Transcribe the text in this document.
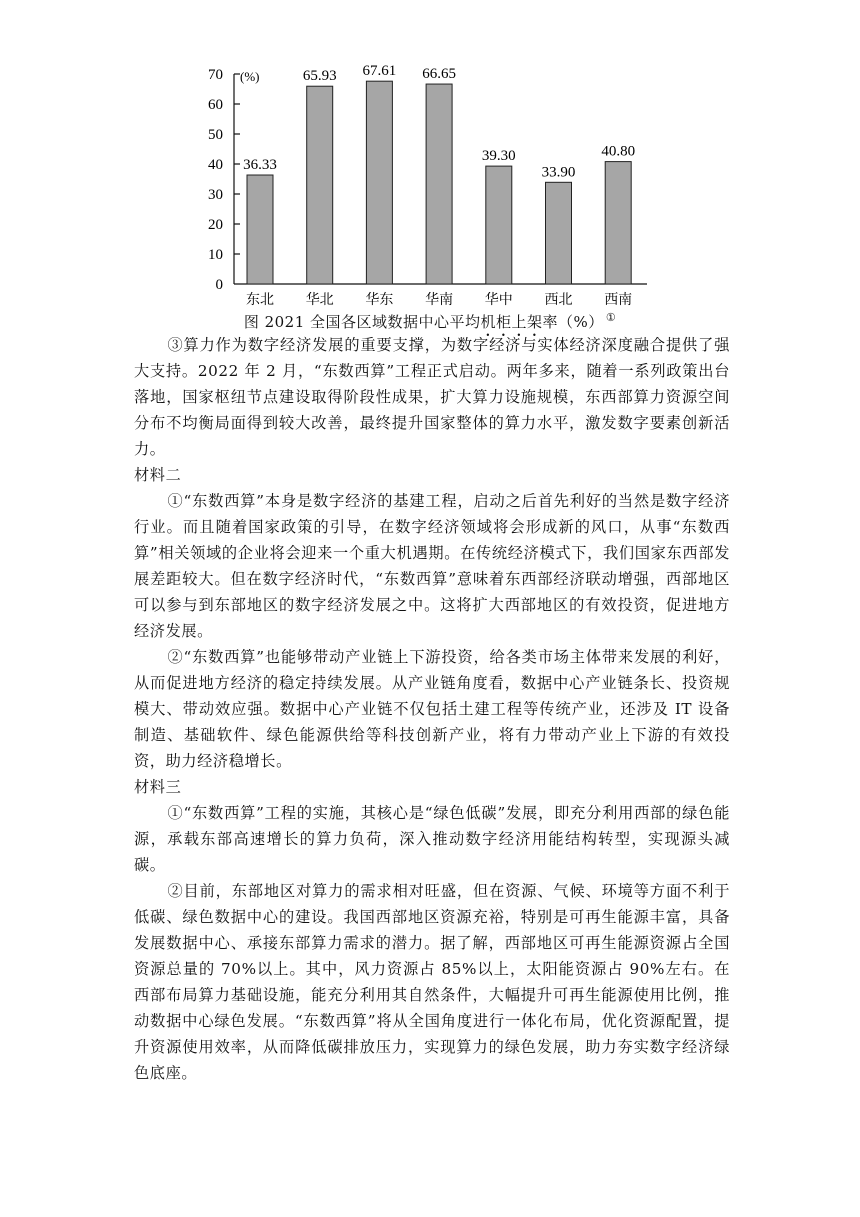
(%)
0
10
20
30
40
50
60
70
36.33
65.93 67.61 66.65
39.30
33.90
40.80
东北 华北 华东 华南 华中 西北 西南
图 2021 全国各区域数据中心平均机柜上架率（%） ①

③算力作为数字经济发展的重要支撑，为数字经济与实体经济深度融合提供了强大支持。2022 年 2 月，“东数西算”工程正式启动。两年多来，随着一系列政策出台落地，国家枢纽节点建设取得阶段性成果，扩大算力设施规模，东西部算力资源空间分布不均衡局面得到较大改善，最终提升国家整体的算力水平，激发数字要素创新活力。

材料二

①“东数西算”本身是数字经济的基建工程，启动之后首先利好的当然是数字经济行业。而且随着国家政策的引导，在数字经济领域将会形成新的风口，从事“东数西算”相关领域的企业将会迎来一个重大机遇期。在传统经济模式下，我们国家东西部发展差距较大。但在数字经济时代，“东数西算”意味着东西部经济联动增强，西部地区可以参与到东部地区的数字经济发展之中。这将扩大西部地区的有效投资，促进地方经济发展。

②“东数西算”也能够带动产业链上下游投资，给各类市场主体带来发展的利好，从而促进地方经济的稳定持续发展。从产业链角度看，数据中心产业链条长、投资规模大、带动效应强。数据中心产业链不仅包括土建工程等传统产业，还涉及 IT 设备制造、基础软件、绿色能源供给等科技创新产业，将有力带动产业上下游的有效投资，助力经济稳增长。

材料三

①“东数西算”工程的实施，其核心是“绿色低碳”发展，即充分利用西部的绿色能源，承载东部高速增长的算力负荷，深入推动数字经济用能结构转型，实现源头减碳。

②目前，东部地区对算力的需求相对旺盛，但在资源、气候、环境等方面不利于低碳、绿色数据中心的建设。我国西部地区资源充裕，特别是可再生能源丰富，具备发展数据中心、承接东部算力需求的潜力。据了解，西部地区可再生能源资源占全国资源总量的 70%以上。其中，风力资源占 85%以上，太阳能资源占 90%左右。在西部布局算力基础设施，能充分利用其自然条件，大幅提升可再生能源使用比例，推动数据中心绿色发展。“东数西算”将从全国角度进行一体化布局，优化资源配置，提升资源使用效率，从而降低碳排放压力，实现算力的绿色发展，助力夯实数字经济绿色底座。
